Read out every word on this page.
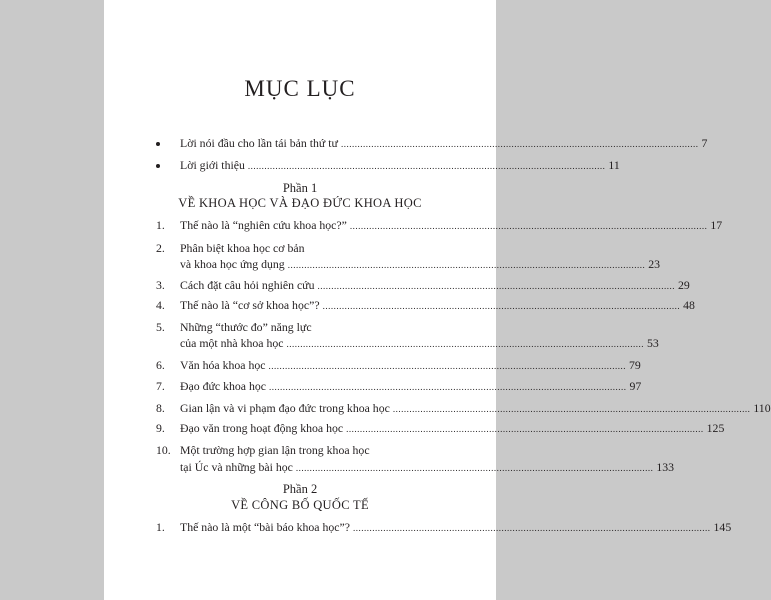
MỤC LỤC
Lời nói đầu cho lần tái bản thứ tư .................................................................................................................................. 7
Lời giới thiệu .................................................................................................................................. 11
Phần 1
VỀ KHOA HỌC VÀ ĐẠO ĐỨC KHOA HỌC
1. Thế nào là “nghiên cứu khoa học?” .................................................................................................................................. 17
2. Phân biệt khoa học cơ bản
và khoa học ứng dụng .................................................................................................................................. 23
3. Cách đặt câu hỏi nghiên cứu .................................................................................................................................. 29
4. Thế nào là “cơ sở khoa học”? .................................................................................................................................. 48
5. Những “thước đo” năng lực
của một nhà khoa học .................................................................................................................................. 53
6. Văn hóa khoa học .................................................................................................................................. 79
7. Đạo đức khoa học .................................................................................................................................. 97
8. Gian lận và vi phạm đạo đức trong khoa học .................................................................................................................................. 110
9. Đạo văn trong hoạt động khoa học .................................................................................................................................. 125
10. Một trường hợp gian lận trong khoa học
tại Úc và những bài học .................................................................................................................................. 133
Phần 2
VỀ CÔNG BỐ QUỐC TẾ
1. Thế nào là một “bài báo khoa học”? .................................................................................................................................. 145
